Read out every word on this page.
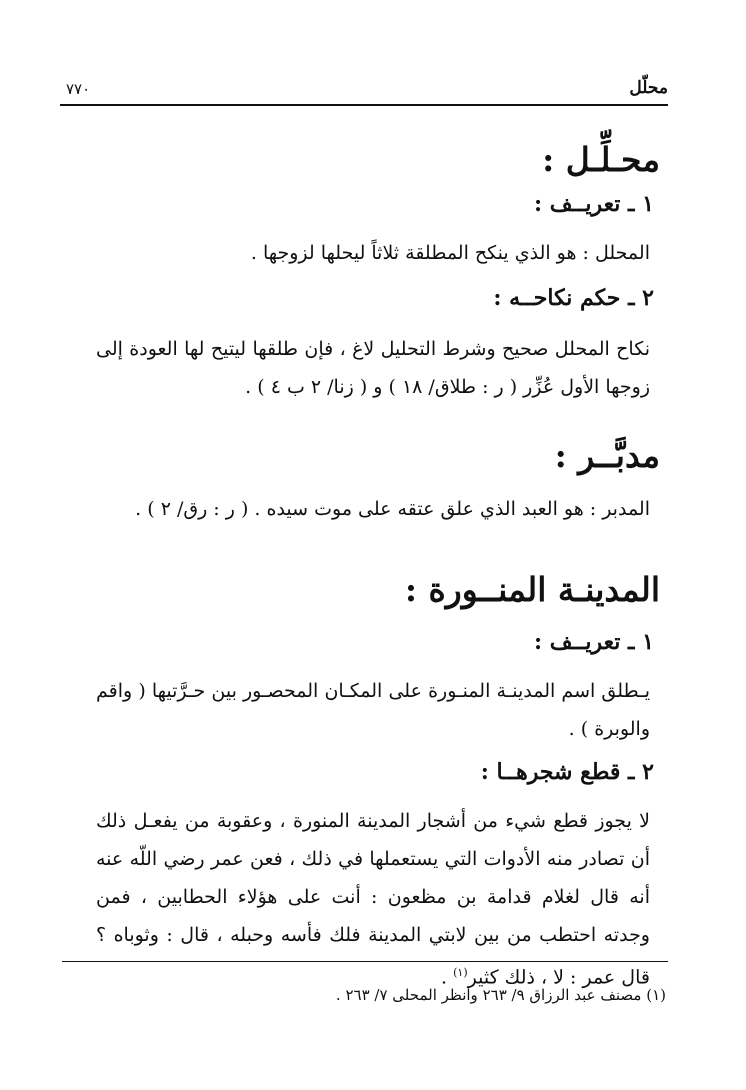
محلّل
٧٧٠
محـلِّـل :
١ ـ تعريــف :

المحلل : هو الذي ينكح المطلقة ثلاثاً ليحلها لزوجها .

٢ ـ حكم نكاحــه :

نكاح المحلل صحيح وشرط التحليل لاغ ، فإن طلقها ليتيح لها العودة إلى زوجها الأول عُزِّر ( ر : طلاق/ ١٨ ) و ( زنا/ ٢ ب ٤ ) .

مدبَّــر :

المدبر : هو العبد الذي علق عتقه على موت سيده . ( ر : رق/ ٢ ) .

المدينـة المنــورة :
١ ـ تعريــف :

يـطلق اسم المدينـة المنـورة على المكـان المحصـور بين حـرَّتيها ( واقم والوبرة ) .

٢ ـ قطع شجرهــا :

لا يجوز قطع شيء من أشجار المدينة المنورة ، وعقوبة من يفعـل ذلك أن تصادر منه الأدوات التي يستعملها في ذلك ، فعن عمر رضي اللّه عنه أنه قال لغلام قدامة بن مظعون : أنت على هؤلاء الحطابين ، فمن وجدته احتطب من بين لابتي المدينة فلك فأسه وحبله ، قال : وثوباه ؟ قال عمر : لا ، ذلك كثير$^{(١)}$ .

(١) مصنف عبد الرزاق ٩/ ٢٦٣ وانظر المحلى ٧/ ٢٦٣ .
